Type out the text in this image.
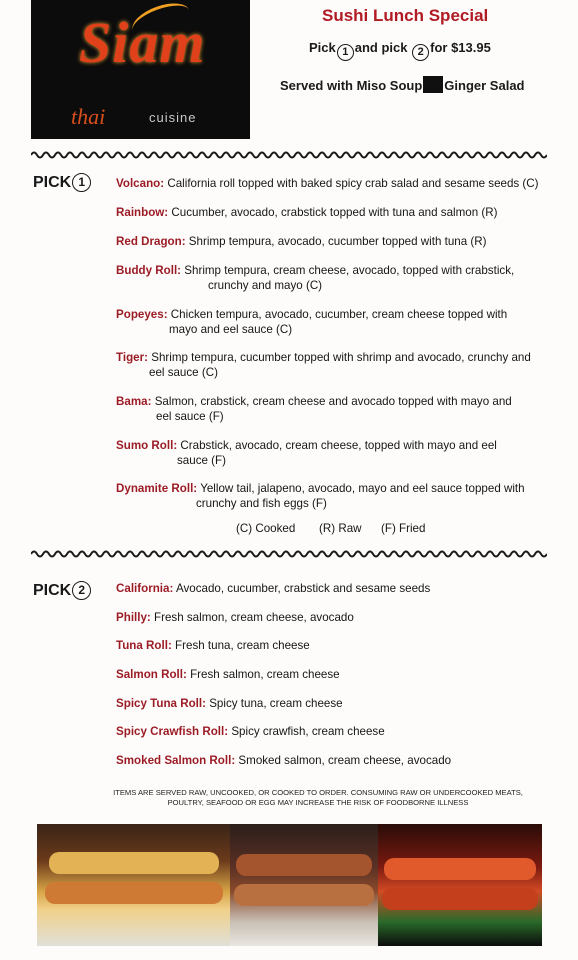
Siam
thai	cuisine
Sushi Lunch Special
Pick 1 and pick 2 for $13.95
Served with Miso Soup Ginger Salad
PICK 1	Volcano: California roll topped with baked spicy crab salad and sesame seeds (C)
Rainbow: Cucumber, avocado, crabstick topped with tuna and salmon (R)
Red Dragon: Shrimp tempura, avocado, cucumber topped with tuna (R)
Buddy Roll: Shrimp tempura, cream cheese, avocado, topped with crabstick,
crunchy and mayo (C)
Popeyes: Chicken tempura, avocado, cucumber, cream cheese topped with
mayo and eel sauce (C)
Tiger: Shrimp tempura, cucumber topped with shrimp and avocado, crunchy and
eel sauce (C)
Bama: Salmon, crabstick, cream cheese and avocado topped with mayo and
eel sauce (F)
Sumo Roll: Crabstick, avocado, cream cheese, topped with mayo and eel
sauce (F)
Dynamite Roll: Yellow tail, jalapeno, avocado, mayo and eel sauce topped with
crunchy and fish eggs (F)
(C) Cooked (R) Raw (F) Fried
PICK 2	California: Avocado, cucumber, crabstick and sesame seeds
Philly: Fresh salmon, cream cheese, avocado
Tuna Roll: Fresh tuna, cream cheese
Salmon Roll: Fresh salmon, cream cheese
Spicy Tuna Roll: Spicy tuna, cream cheese
Spicy Crawfish Roll: Spicy crawfish, cream cheese
Smoked Salmon Roll: Smoked salmon, cream cheese, avocado
ITEMS ARE SERVED RAW, UNCOOKED, OR COOKED TO ORDER. CONSUMING RAW OR UNDERCOOKED MEATS,
POULTRY, SEAFOOD OR EGG MAY INCREASE THE RISK OF FOODBORNE ILLNESS
